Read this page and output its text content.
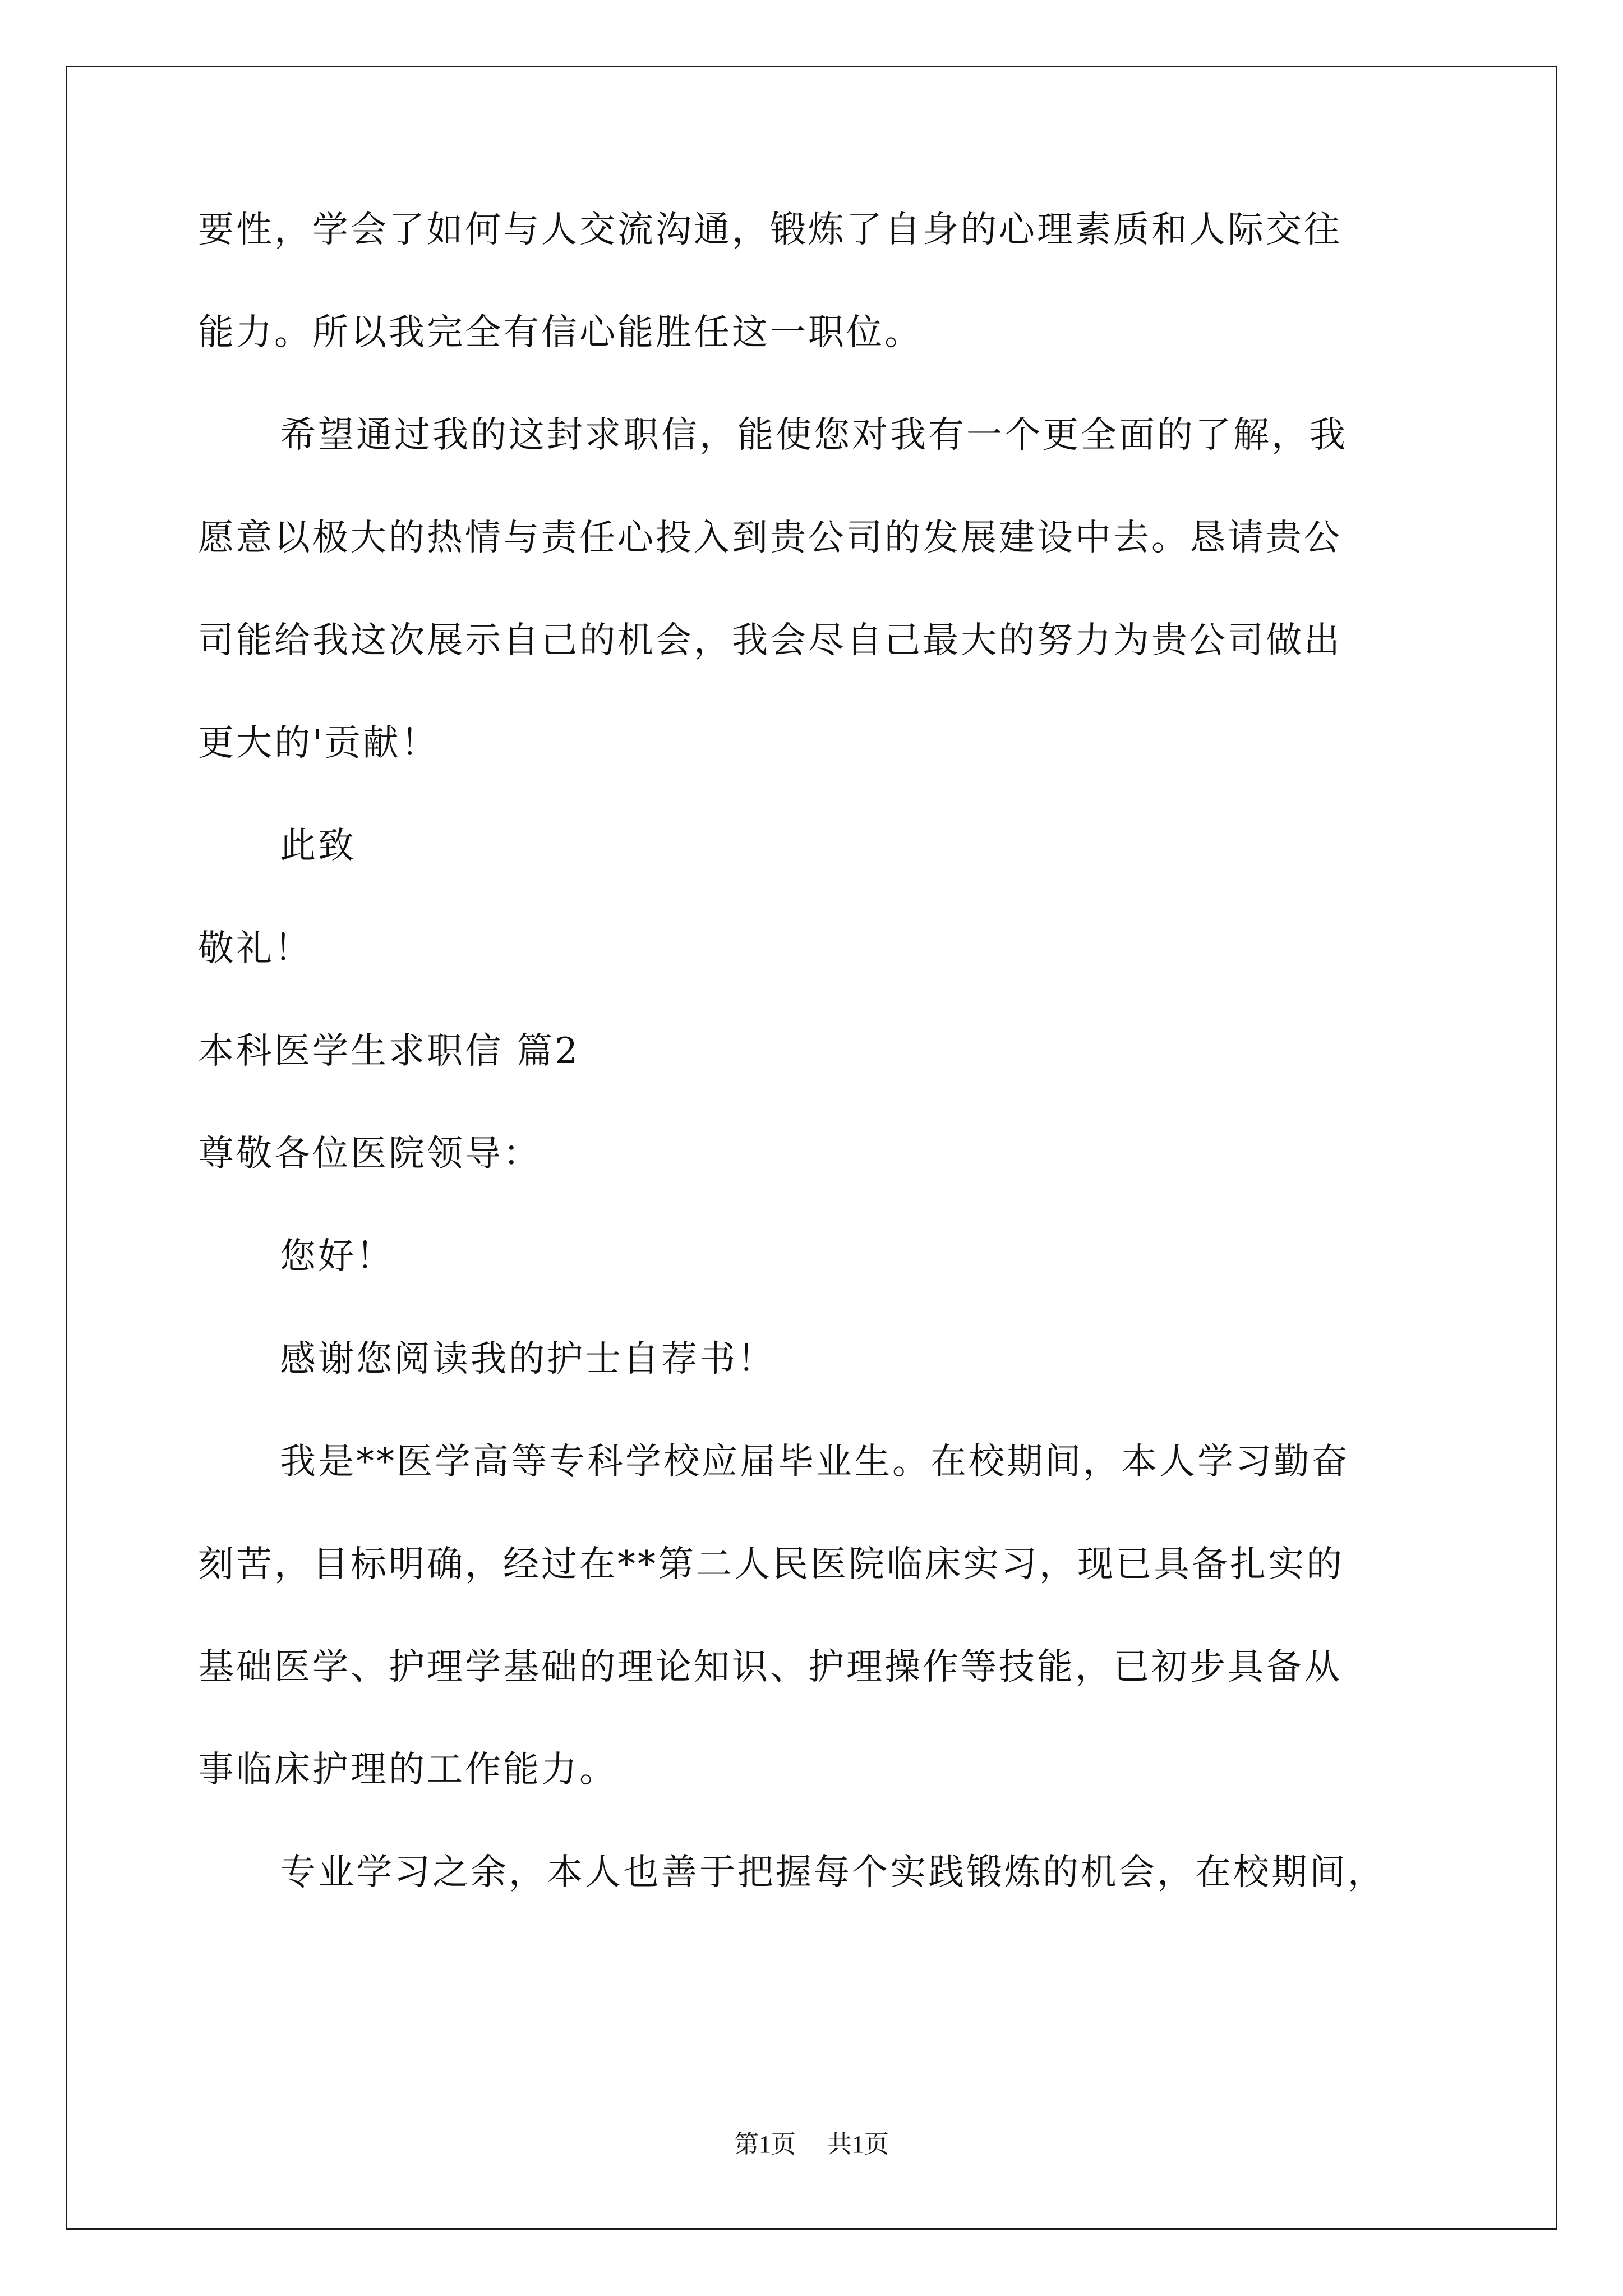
要性，学会了如何与人交流沟通，锻炼了自身的心理素质和人际交往

能力。所以我完全有信心能胜任这一职位。

希望通过我的这封求职信，能使您对我有一个更全面的了解，我

愿意以极大的热情与责任心投入到贵公司的发展建设中去。恳请贵公

司能给我这次展示自己的机会，我会尽自己最大的努力为贵公司做出

更大的'贡献！

此致

敬礼！

本科医学生求职信 篇2

尊敬各位医院领导：

您好！

感谢您阅读我的护士自荐书！

我是**医学高等专科学校应届毕业生。在校期间，本人学习勤奋

刻苦，目标明确，经过在**第二人民医院临床实习，现已具备扎实的

基础医学、护理学基础的理论知识、护理操作等技能，已初步具备从

事临床护理的工作能力。

专业学习之余，本人也善于把握每个实践锻炼的机会，在校期间，

第1页 共1页
